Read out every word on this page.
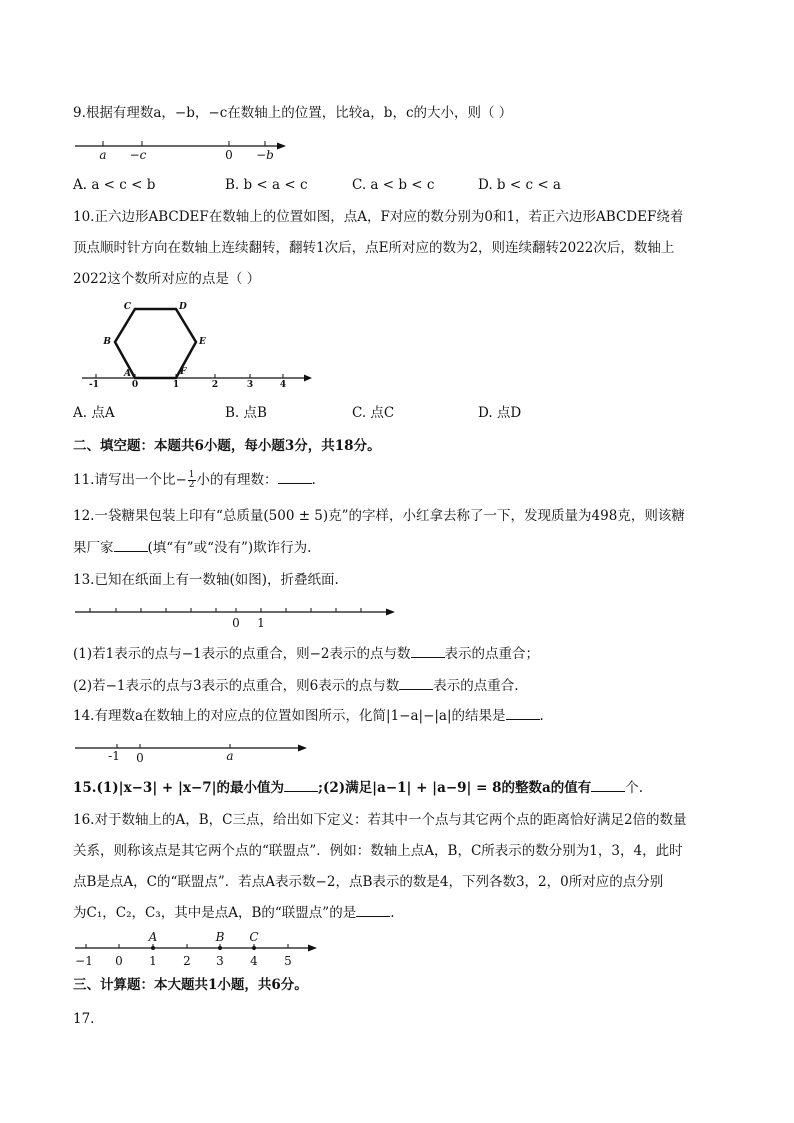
9.根据有理数a，−b，−c在数轴上的位置，比较a，b，c的大小，则（ ）
a −c	0 −b
A. a < c < b	B. b < a < c	C. a < b < c	D. b < c < a
10.正六边形ABCDEF在数轴上的位置如图，点A，F对应的数分别为0和1，若正六边形ABCDEF绕着
顶点顺时针方向在数轴上连续翻转，翻转1次后，点E所对应的数为2，则连续翻转2022次后，数轴上
2022这个数所对应的点是（ ）
C	D
B	E
A	F
-1	0	1	2	3	4
A. 点A	B. 点B	C. 点C	D. 点D
二、填空题：本题共6小题，每小题3分，共18分。
11.请写出一个比− $\frac{1}{2}$ 小的有理数：	.
12.一袋糖果包装上印有“总质量(500 ± 5)克”的字样，小红拿去称了一下，发现质量为498克，则该糖
果厂家	(填“有”或“没有”)欺诈行为.
13.已知在纸面上有一数轴(如图)，折叠纸面.
0 1
(1)若1表示的点与−1表示的点重合，则−2表示的点与数	表示的点重合；
(2)若−1表示的点与3表示的点重合，则6表示的点与数	表示的点重合.
14.有理数a在数轴上的对应点的位置如图所示，化简|1−a|−|a|的结果是	.
-1 0	a
15.(1)|x−3| + |x−7|的最小值为	;(2)满足|a−1| + |a−9| = 8的整数a的值有	个.
16.对于数轴上的A，B，C三点，给出如下定义：若其中一个点与其它两个点的距离恰好满足2倍的数量
关系，则称该点是其它两个点的“联盟点”．例如：数轴上点A，B，C所表示的数分别为1，3，4，此时
点B是点A，C的“联盟点”．若点A表示数−2，点B表示的数是4，下列各数3，2，0所对应的点分别
为C₁，C₂，C₃，其中是点A，B的“联盟点”的是	.
A	B C
−1 0 1 2 3 4 5
三、计算题：本大题共1小题，共6分。
17.
